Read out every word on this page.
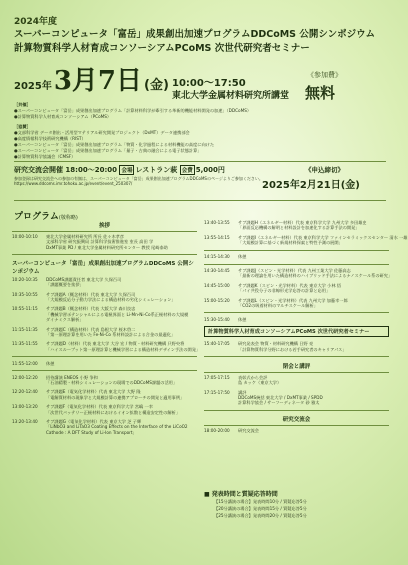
2024年度
スーパーコンピュータ「富岳」成果創出加速プログラムDDCoMS 公開シンポジウム
計算物質科学人材育成コンソーシアムPCoMS 次世代研究者セミナー
2025年 3月7日 (金) 10:00～17:50
東北大学金属材料研究所講堂
《参加費》
無料
［共催］
●スーパーコンピュータ「富岳」成果創出加速プログラム「計算材料科学が牽引する革新的機能材料開発の加速」（DDCoMS）
●計算物質科学人材育成コンソーシアム（PCoMS）
［協賛］
●文部科学省 データ創出・活用型マテリアル研究開発プロジェクト（DxMT）データ連携部会
●高度情報科学技術研究機構（RIST）
●スーパーコンピュータ「富岳」成果創出加速プログラム「物質・化学過程による材料機能の高度に向けた
●スーパーコンピュータ「富岳」成果創出加速プログラム「量子・古典の融合による電子状態計算」
●計算物質科学協議会（CMSF）
研究交流会開催 18:00～20:00 会場 レストラン萩 会費 5,000円
参加登録は研究交流会への参加の有無は、スーパーコンピュータ「富岳」成果創出加速プログラムDDCoMSのページよりご参加ください。https://www.ddcoms.imr.tohoku.ac.jp/event/event_250307/
《申込締切》
2025年2月21日(金)
プログラム(敬称略)
挨拶
10:00-10:10	東北大学金属材料研究所 所長 佐々木孝彦
文部科学省 研究振興局 計算科学技術推進室 室長 高田 学
DxMT事業 PD / 東北大学金属材料研究所センター 教授 尾崎泰助
スーパーコンピュータ「富岳」成果創出加速プログラムDDCoMS 公開シンポジウム
10:20-10:35	DDCoMS課題責任者 東北大学 久保百司
「課題概要を挨拶」
10:35-10:55	サブ課題A（概念材料）代表 東北大学 久保百司
「大規模反応分子動力学法による構造材料の劣化シミュレーション」
10:55-11:15	サブ課題B（概念材料）代表 大阪大学 森川良忠
「機械学習ポテンシャルによる電極界面と Li-Mn-Ni-Co系正極材料の大規模
ダイナミクス解析」
11:15-11:35	サブ課題C（構造材料）代表 島根大学 桜木啓二
「第一原理計算を用いた Fe-Ni-Co 系材料設計による合金の最適化」
11:35-11:55	サブ課題D（材料）代表 東北大学 大谷 宏 / 物質・材料研究機構 只野央将
「ハイスループット第一原理計算と機械学習による構造材料デザイン手法の開発」
11:55-12:00	休憩
12:00-12:20	招待講演 ENEOS 小野 争和
「石油精製・材料シミュレーションの現場でのDDCoMS課題の活用」
12:20-12:40	サブ課題E（電気化学材料）代表 東北大学 大野 隆
「電解質材料の現象学と大規模計算の連携アプローチの開発と適用事例」
13:00-13:20	サブ課題F（電気化学材料）代表 東京科学大学 宮嶋 一幸
「次世代バッテリー正極材料におけるイオン拡散と構造安定性の解析」
13:20-13:40	サブ課題G（電気化学材料）代表 東京大学 芝 子輝
「LiNbO3 and LiTaO3 Coating Effects on the Interface of the LiCoO2
Cathode : A DFT Study of Li-Ion Transport」
13:40-13:55	サブ課題H（エネルギー材料）代表 東京科学大学 九州大学 多田雄史
「界面反応機構の解明と材料設計を加速化する計算手法の開発」
13:55-14:15	サブ課題I（エネルギー材料）代表 東京科学大学 ファインセラミックスセンター 清水 一雄
「大規模計算に基づく新規材料探索と特性予測の展開」
14:15-14:30	休憩
14:30-14:45	サブ課題J（スピン・光学材料）代表 九州工業大学 佐藤高志
「最新の理論を用いた構造材料のハイブリッド手法によるナノスケール系の研究」
14:45-15:00	サブ課題K（スピン・光学材料）代表 東京大学 小林 悟
「パイ共役分子の非線形光学応答の計算と応用」
15:00-15:20	サブ課題L（スピン・光学材料）代表 九州大学 加藤幸一郎
「CO2の吸着材料のマルチスケール解析」
15:30-15:40	休憩
計算物質科学人材育成コンソーシアムPCoMS 次世代研究者セミナー
15:40-17:05	研究発表会 物質・材料研究機構 日野 亮
「計算物質科学分野における若手研究者のキャリアパス」
閉会と講評
17:05-17:15	表彰式から会評
島 カッケ（東京大学）
17:15-17:50	講評
DDCoMS統括 東北大学 / DxMT事業 / SPDD
計算科学協会 / サーフーディネータ 砂 雅太
研究交流会
18:00-20:00	研究交流会
■ 発表時間と質疑応答時間
【15分講演の場合】発表時間10分 / 質疑応答5分
【20分講演の場合】発表時間15分 / 質疑応答5分
【25分講演の場合】発表時間20分 / 質疑応答5分
